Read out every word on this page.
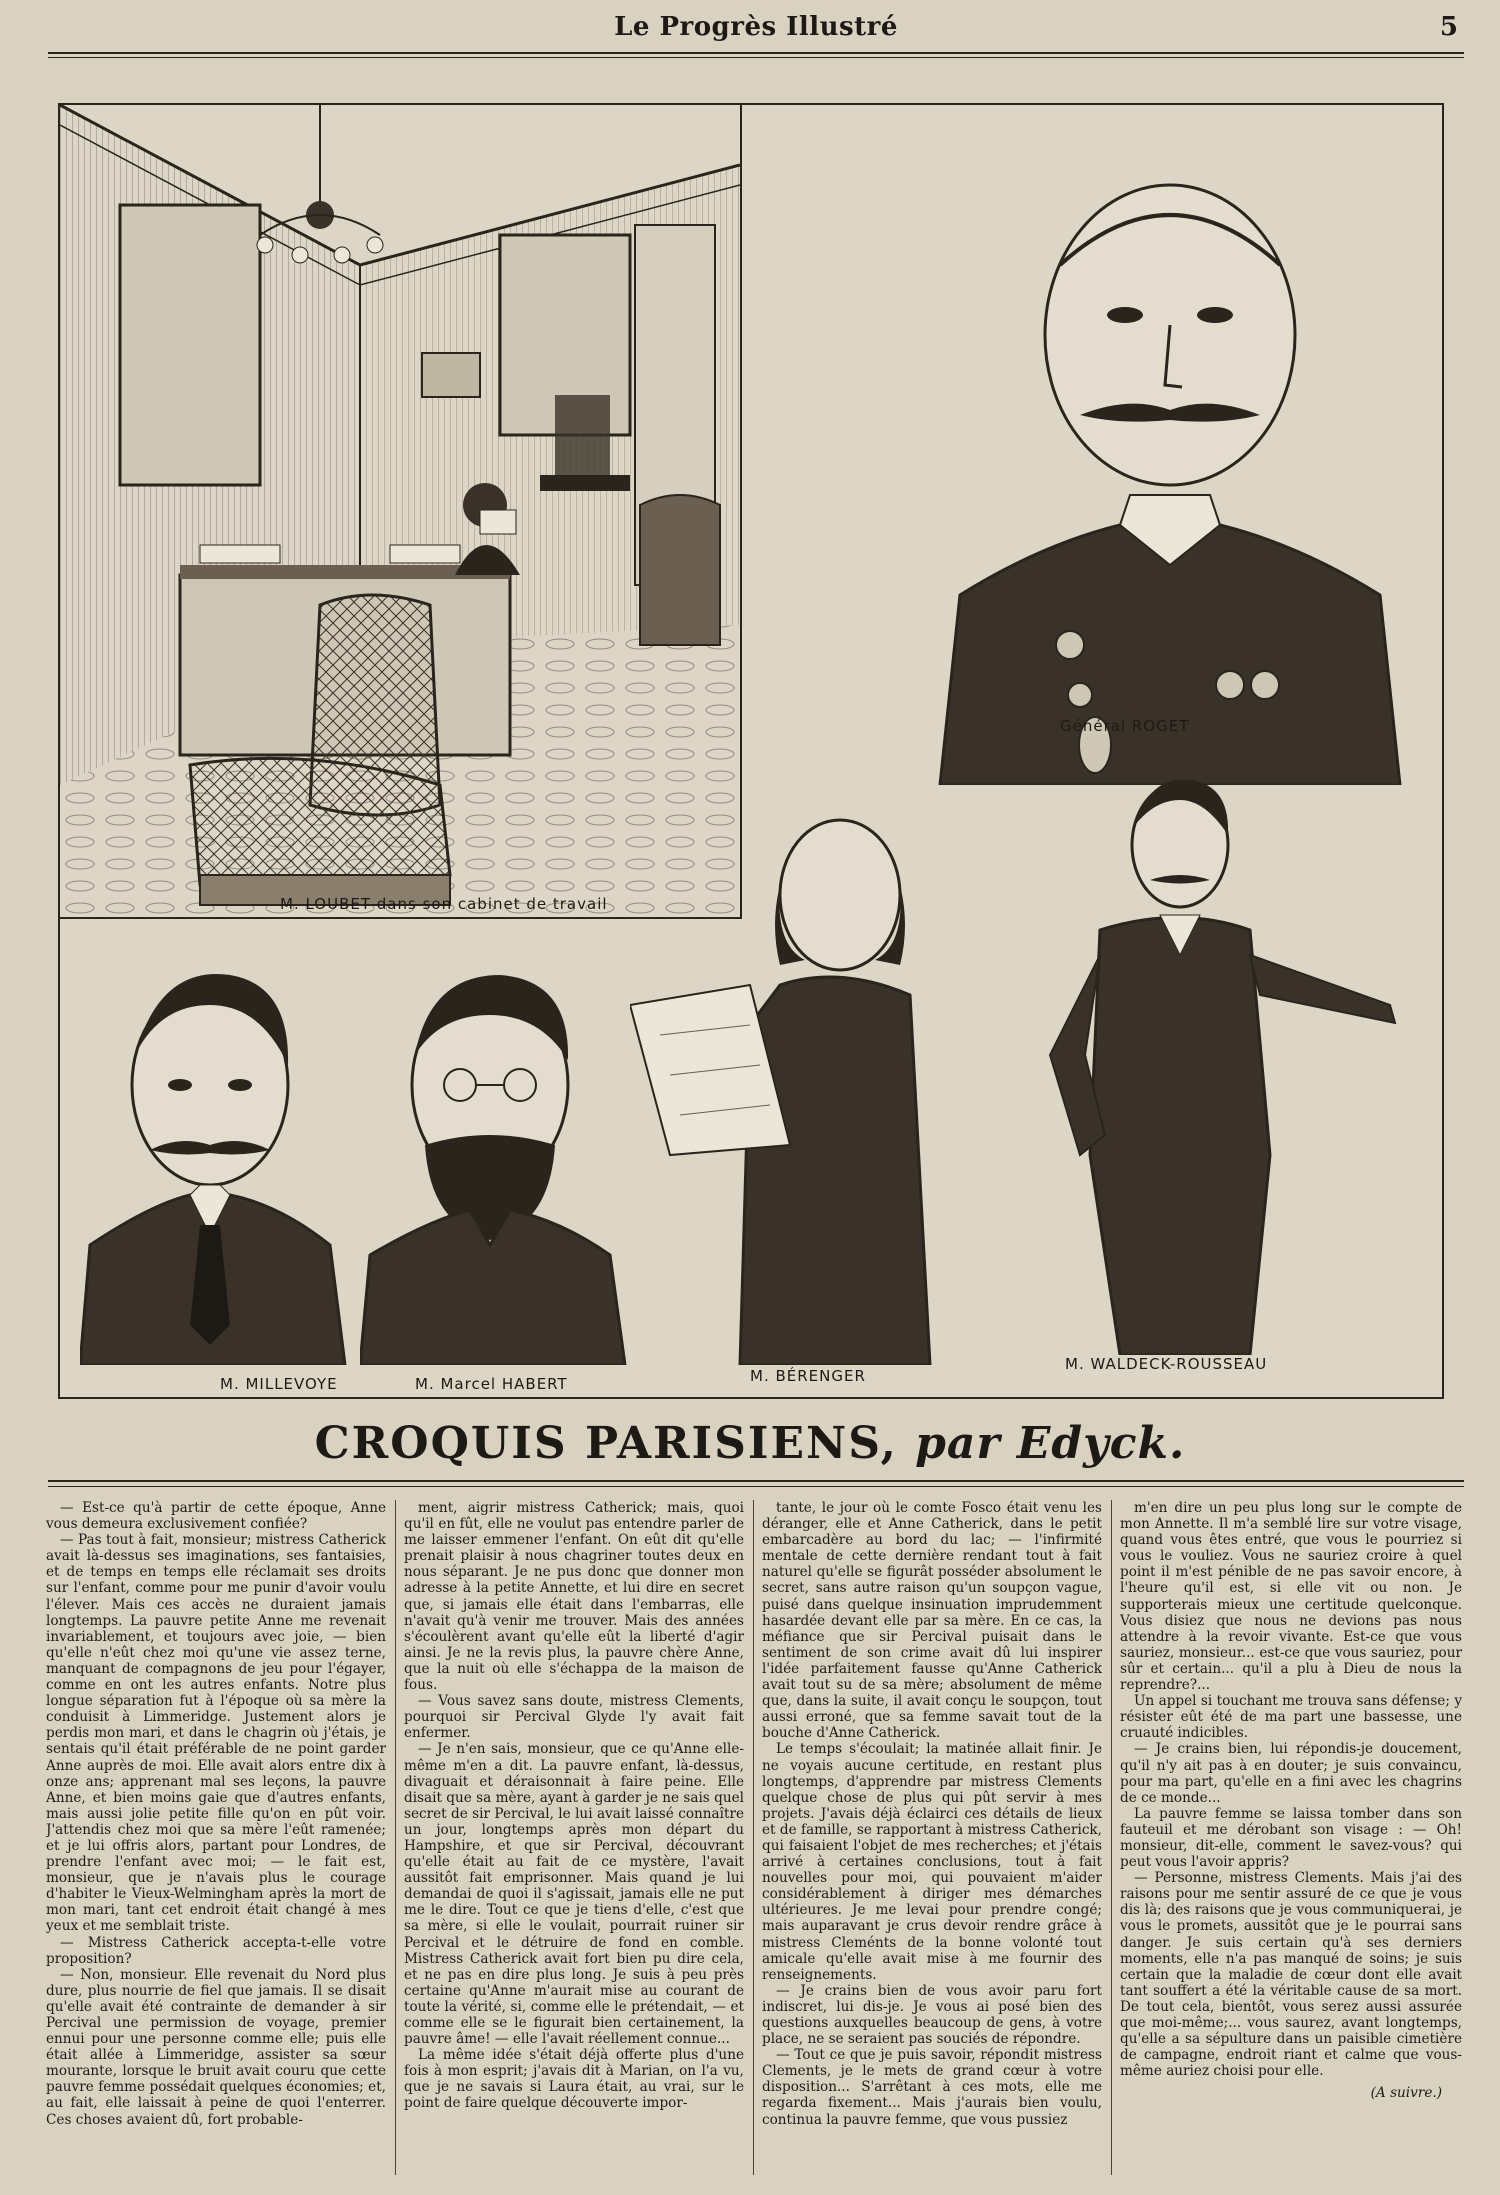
Le Progrès Illustré	5
M. LOUBET dans son cabinet de travail
Général ROGET
M. MILLEVOYE	M. Marcel HABERT	M. BÉRENGER
M. WALDECK-ROUSSEAU
CROQUIS PARISIENS, par Edyck.

— Est-ce qu'à partir de cette époque, Anne vous demeura exclusivement confiée?

— Pas tout à fait, monsieur; mistress Catherick avait là-dessus ses imaginations, ses fantaisies, et de temps en temps elle réclamait ses droits sur l'enfant, comme pour me punir d'avoir voulu l'élever. Mais ces accès ne duraient jamais longtemps. La pauvre petite Anne me revenait invariablement, et toujours avec joie, — bien qu'elle n'eût chez moi qu'une vie assez terne, manquant de compagnons de jeu pour l'égayer, comme en ont les autres enfants. Notre plus longue séparation fut à l'époque où sa mère la conduisit à Limmeridge. Justement alors je perdis mon mari, et dans le chagrin où j'étais, je sentais qu'il était préférable de ne point garder Anne auprès de moi. Elle avait alors entre dix à onze ans; apprenant mal ses leçons, la pauvre Anne, et bien moins gaie que d'autres enfants, mais aussi jolie petite fille qu'on en pût voir. J'attendis chez moi que sa mère l'eût ramenée; et je lui offris alors, partant pour Londres, de prendre l'enfant avec moi; — le fait est, monsieur, que je n'avais plus le courage d'habiter le Vieux-Welmingham après la mort de mon mari, tant cet endroit était changé à mes yeux et me semblait triste.

— Mistress Catherick accepta-t-elle votre proposition?

— Non, monsieur. Elle revenait du Nord plus dure, plus nourrie de fiel que jamais. Il se disait qu'elle avait été contrainte de demander à sir Percival une permission de voyage, premier ennui pour une personne comme elle; puis elle était allée à Limmeridge, assister sa sœur mourante, lorsque le bruit avait couru que cette pauvre femme possédait quelques économies; et, au fait, elle laissait à peine de quoi l'enterrer. Ces choses avaient dû, fort probable-

ment, aigrir mistress Catherick; mais, quoi qu'il en fût, elle ne voulut pas entendre parler de me laisser emmener l'enfant. On eût dit qu'elle prenait plaisir à nous chagriner toutes deux en nous séparant. Je ne pus donc que donner mon adresse à la petite Annette, et lui dire en secret que, si jamais elle était dans l'embarras, elle n'avait qu'à venir me trouver. Mais des années s'écoulèrent avant qu'elle eût la liberté d'agir ainsi. Je ne la revis plus, la pauvre chère Anne, que la nuit où elle s'échappa de la maison de fous.

— Vous savez sans doute, mistress Clements, pourquoi sir Percival Glyde l'y avait fait enfermer.

— Je n'en sais, monsieur, que ce qu'Anne elle-même m'en a dit. La pauvre enfant, là-dessus, divaguait et déraisonnait à faire peine. Elle disait que sa mère, ayant à garder je ne sais quel secret de sir Percival, le lui avait laissé connaître un jour, longtemps après mon départ du Hampshire, et que sir Percival, découvrant qu'elle était au fait de ce mystère, l'avait aussitôt fait emprisonner. Mais quand je lui demandai de quoi il s'agissait, jamais elle ne put me le dire. Tout ce que je tiens d'elle, c'est que sa mère, si elle le voulait, pourrait ruiner sir Percival et le détruire de fond en comble. Mistress Catherick avait fort bien pu dire cela, et ne pas en dire plus long. Je suis à peu près certaine qu'Anne m'aurait mise au courant de toute la vérité, si, comme elle le prétendait, — et comme elle se le figurait bien certainement, la pauvre âme! — elle l'avait réellement connue...

La même idée s'était déjà offerte plus d'une fois à mon esprit; j'avais dit à Marian, on l'a vu, que je ne savais si Laura était, au vrai, sur le point de faire quelque découverte impor-

tante, le jour où le comte Fosco était venu les déranger, elle et Anne Catherick, dans le petit embarcadère au bord du lac; — l'infirmité mentale de cette dernière rendant tout à fait naturel qu'elle se figurât posséder absolument le secret, sans autre raison qu'un soupçon vague, puisé dans quelque insinuation imprudemment hasardée devant elle par sa mère. En ce cas, la méfiance que sir Percival puisait dans le sentiment de son crime avait dû lui inspirer l'idée parfaitement fausse qu'Anne Catherick avait tout su de sa mère; absolument de même que, dans la suite, il avait conçu le soupçon, tout aussi erroné, que sa femme savait tout de la bouche d'Anne Catherick.

Le temps s'écoulait; la matinée allait finir. Je ne voyais aucune certitude, en restant plus longtemps, d'apprendre par mistress Clements quelque chose de plus qui pût servir à mes projets. J'avais déjà éclairci ces détails de lieux et de famille, se rapportant à mistress Catherick, qui faisaient l'objet de mes recherches; et j'étais arrivé à certaines conclusions, tout à fait nouvelles pour moi, qui pouvaient m'aider considérablement à diriger mes démarches ultérieures. Je me levai pour prendre congé; mais auparavant je crus devoir rendre grâce à mistress Cleménts de la bonne volonté tout amicale qu'elle avait mise à me fournir des renseignements.

— Je crains bien de vous avoir paru fort indiscret, lui dis-je. Je vous ai posé bien des questions auxquelles beaucoup de gens, à votre place, ne se seraient pas souciés de répondre.

— Tout ce que je puis savoir, répondit mistress Clements, je le mets de grand cœur à votre disposition... S'arrêtant à ces mots, elle me regarda fixement... Mais j'aurais bien voulu, continua la pauvre femme, que vous pussiez

m'en dire un peu plus long sur le compte de mon Annette. Il m'a semblé lire sur votre visage, quand vous êtes entré, que vous le pourriez si vous le vouliez. Vous ne sauriez croire à quel point il m'est pénible de ne pas savoir encore, à l'heure qu'il est, si elle vit ou non. Je supporterais mieux une certitude quelconque. Vous disiez que nous ne devions pas nous attendre à la revoir vivante. Est-ce que vous sauriez, monsieur... est-ce que vous sauriez, pour sûr et certain... qu'il a plu à Dieu de nous la reprendre?...

Un appel si touchant me trouva sans défense; y résister eût été de ma part une bassesse, une cruauté indicibles.

— Je crains bien, lui répondis-je doucement, qu'il n'y ait pas à en douter; je suis convaincu, pour ma part, qu'elle en a fini avec les chagrins de ce monde...

La pauvre femme se laissa tomber dans son fauteuil et me dérobant son visage : — Oh! monsieur, dit-elle, comment le savez-vous? qui peut vous l'avoir appris?

— Personne, mistress Clements. Mais j'ai des raisons pour me sentir assuré de ce que je vous dis là; des raisons que je vous communiquerai, je vous le promets, aussitôt que je le pourrai sans danger. Je suis certain qu'à ses derniers moments, elle n'a pas manqué de soins; je suis certain que la maladie de cœur dont elle avait tant souffert a été la véritable cause de sa mort. De tout cela, bientôt, vous serez aussi assurée que moi-même;... vous saurez, avant longtemps, qu'elle a sa sépulture dans un paisible cimetière de campagne, endroit riant et calme que vous-même auriez choisi pour elle.

(A suivre.)
